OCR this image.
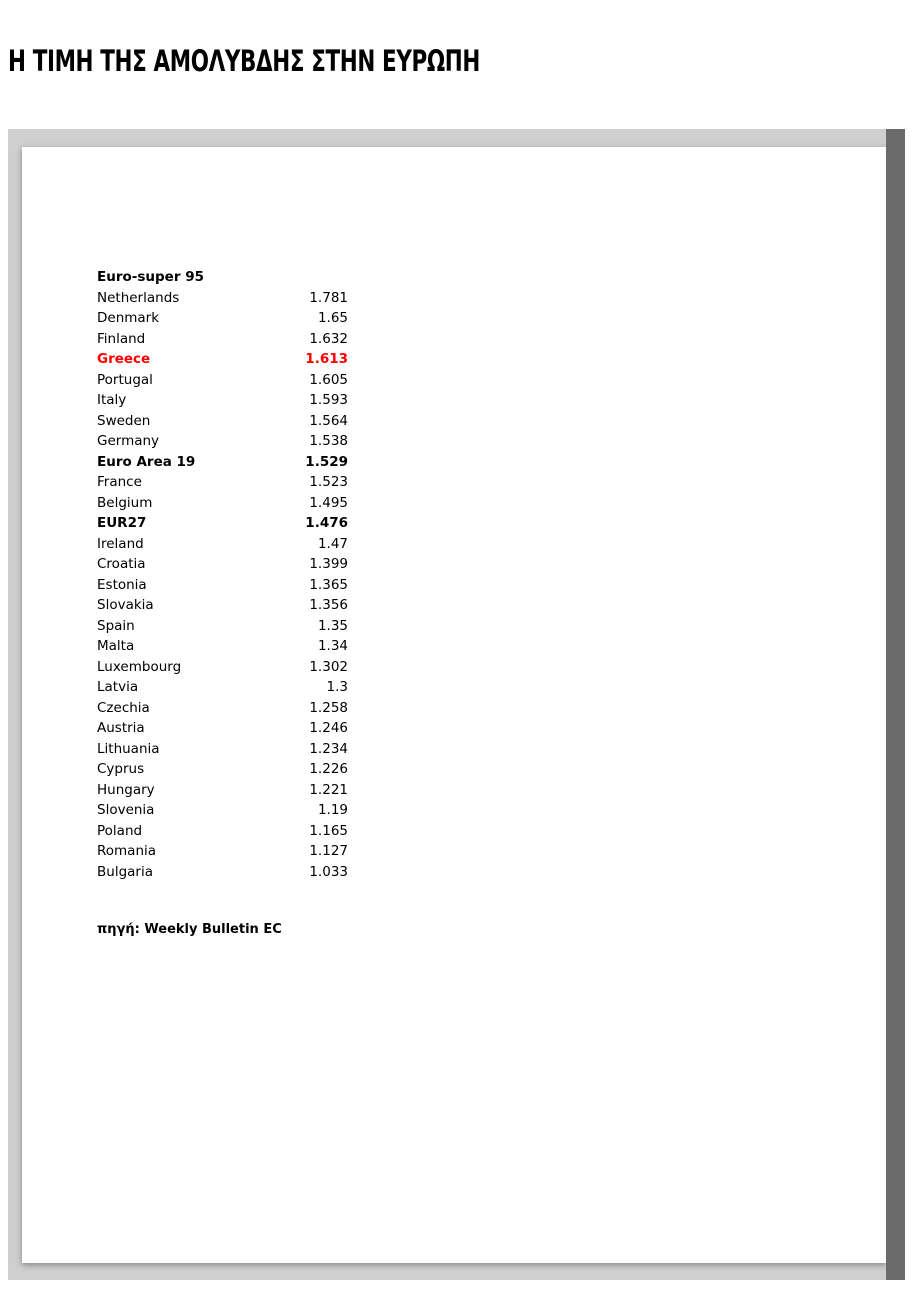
Η ΤΙΜΗ ΤΗΣ ΑΜΟΛΥΒΔΗΣ ΣΤΗΝ ΕΥΡΩΠΗ
Euro-super 95	
Netherlands	1.781
Denmark	1.65
Finland	1.632
Greece	1.613
Portugal	1.605
Italy	1.593
Sweden	1.564
Germany	1.538
Euro Area 19	1.529
France	1.523
Belgium	1.495
EUR27	1.476
Ireland	1.47
Croatia	1.399
Estonia	1.365
Slovakia	1.356
Spain	1.35
Malta	1.34
Luxembourg	1.302
Latvia	1.3
Czechia	1.258
Austria	1.246
Lithuania	1.234
Cyprus	1.226
Hungary	1.221
Slovenia	1.19
Poland	1.165
Romania	1.127
Bulgaria	1.033

πηγή: Weekly Bulletin EC
